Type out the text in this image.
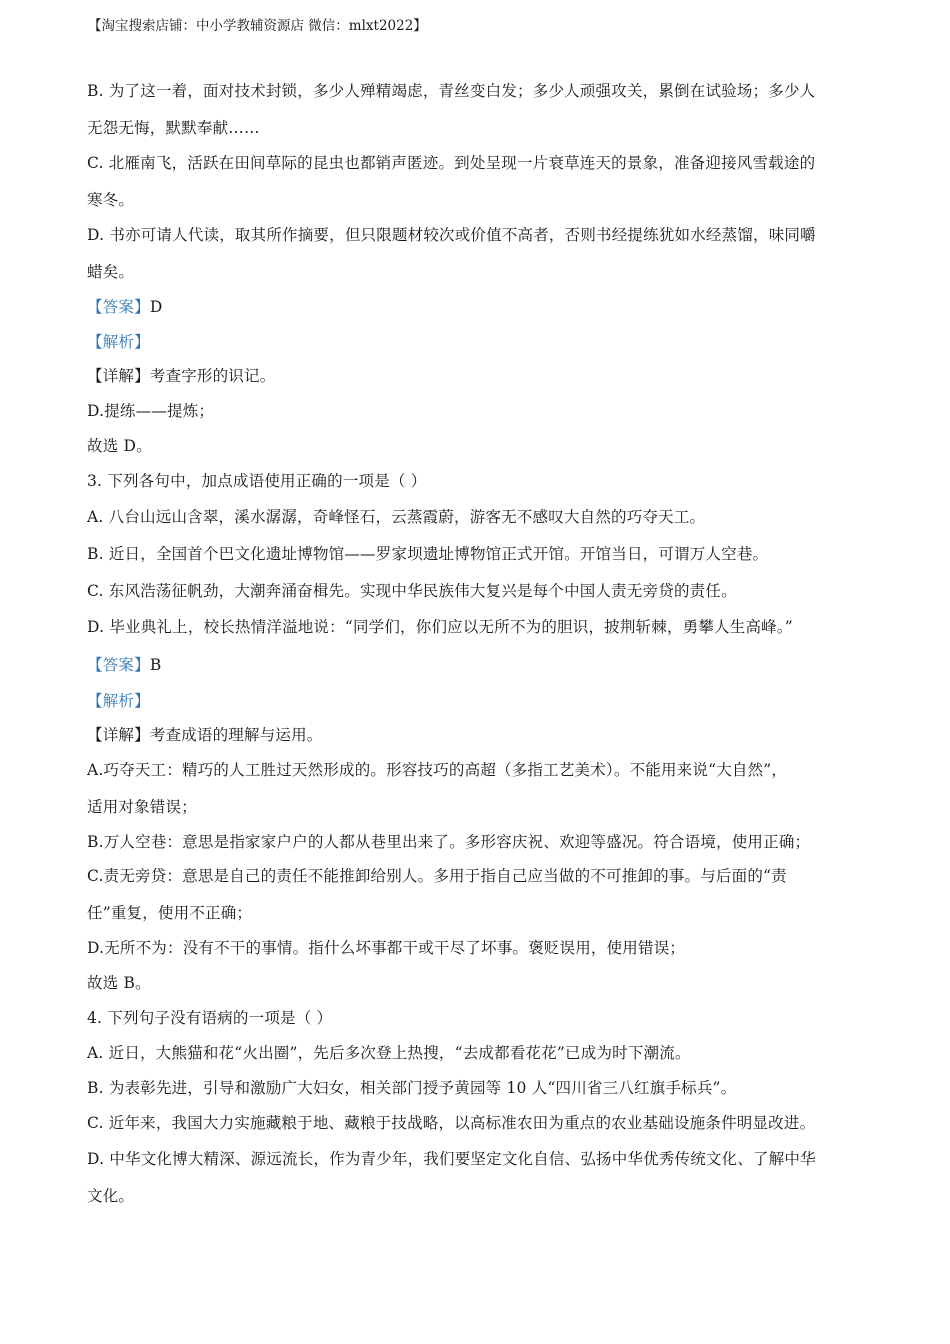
【淘宝搜索店铺：中小学教辅资源店 微信：mlxt2022】
B. 为了这一着，面对技术封锁，多少人殚精竭虑，青丝变白发；多少人顽强攻关，累倒在试验场；多少人
无怨无悔，默默奉献……
C. 北雁南飞，活跃在田间草际的昆虫也都销声匿迹。到处呈现一片衰草连天的景象，准备迎接风雪载途的
寒冬。
D. 书亦可请人代读，取其所作摘要，但只限题材较次或价值不高者，否则书经提练犹如水经蒸馏，味同嚼
蜡矣。
【答案】D
【解析】
【详解】考查字形的识记。
D.提练——提炼；
故选 D。
3. 下列各句中，加点成语使用正确的一项是（ ）
A. 八台山远山含翠，溪水潺潺，奇峰怪石，云蒸霞蔚，游客无不感叹大自然的巧夺天工。
B. 近日，全国首个巴文化遗址博物馆——罗家坝遗址博物馆正式开馆。开馆当日，可谓万人空巷。
C. 东风浩荡征帆劲，大潮奔涌奋楫先。实现中华民族伟大复兴是每个中国人责无旁贷的责任。
D. 毕业典礼上，校长热情洋溢地说：“同学们，你们应以无所不为的胆识，披荆斩棘，勇攀人生高峰。”
【答案】B
【解析】
【详解】考查成语的理解与运用。
A.巧夺天工：精巧的人工胜过天然形成的。形容技巧的高超（多指工艺美术）。不能用来说“大自然”，
适用对象错误；
B.万人空巷：意思是指家家户户的人都从巷里出来了。多形容庆祝、欢迎等盛况。符合语境，使用正确；
C.责无旁贷：意思是自己的责任不能推卸给别人。多用于指自己应当做的不可推卸的事。与后面的“责
任”重复，使用不正确；
D.无所不为：没有不干的事情。指什么坏事都干或干尽了坏事。褒贬误用，使用错误；
故选 B。
4. 下列句子没有语病的一项是（ ）
A. 近日，大熊猫和花“火出圈”，先后多次登上热搜，“去成都看花花”已成为时下潮流。
B. 为表彰先进，引导和激励广大妇女，相关部门授予黄园等 10 人“四川省三八红旗手标兵”。
C. 近年来，我国大力实施藏粮于地、藏粮于技战略，以高标准农田为重点的农业基础设施条件明显改进。
D. 中华文化博大精深、源远流长，作为青少年，我们要坚定文化自信、弘扬中华优秀传统文化、了解中华
文化。
